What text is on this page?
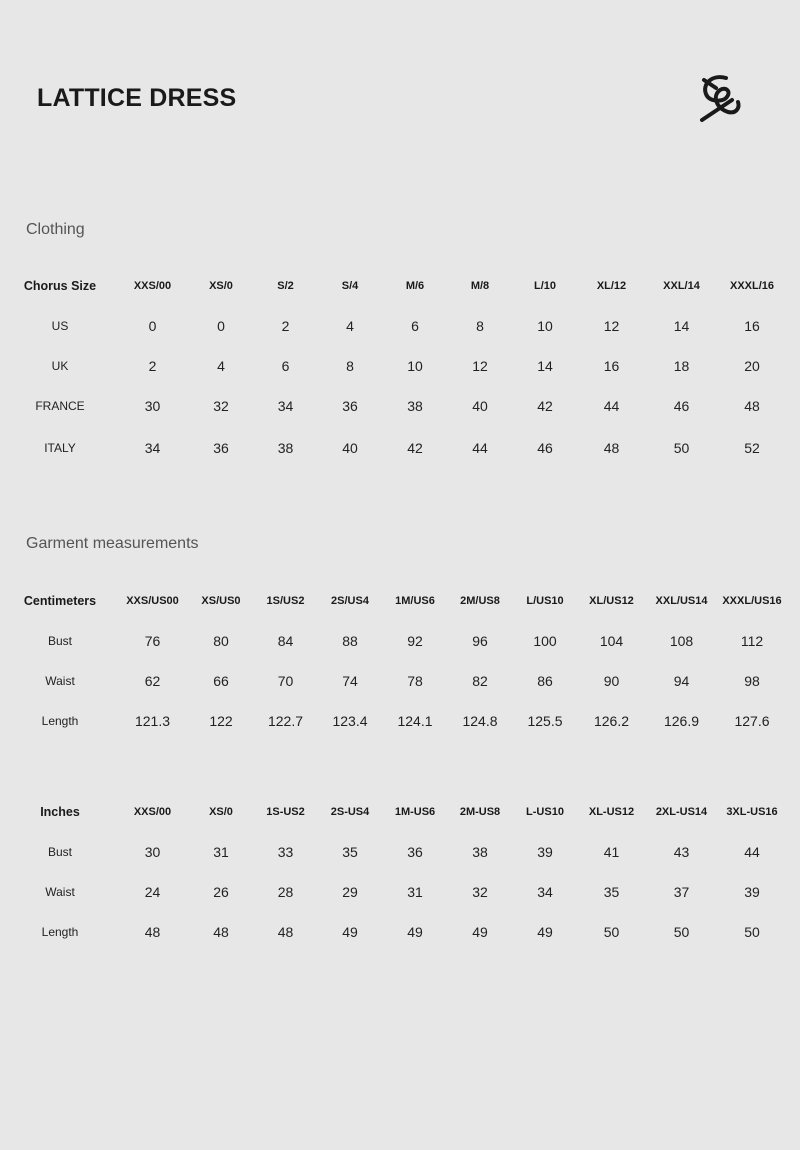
LATTICE DRESS
Clothing
Chorus Size	XXS/00	XS/0	S/2	S/4	M/6	M/8	L/10	XL/12	XXL/14	XXXL/16
US	0	0	2	4	6	8	10	12	14	16
UK	2	4	6	8	10	12	14	16	18	20
FRANCE	30	32	34	36	38	40	42	44	46	48
ITALY	34	36	38	40	42	44	46	48	50	52
Garment measurements
Centimeters	XXS/US00	XS/US0	1S/US2	2S/US4	1M/US6	2M/US8	L/US10	XL/US12	XXL/US14	XXXL/US16
Bust	76	80	84	88	92	96	100	104	108	112
Waist	62	66	70	74	78	82	86	90	94	98
Length	121.3	122	122.7	123.4	124.1	124.8	125.5	126.2	126.9	127.6
Inches	XXS/00	XS/0	1S-US2	2S-US4	1M-US6	2M-US8	L-US10	XL-US12	2XL-US14	3XL-US16
Bust	30	31	33	35	36	38	39	41	43	44
Waist	24	26	28	29	31	32	34	35	37	39
Length	48	48	48	49	49	49	49	50	50	50
